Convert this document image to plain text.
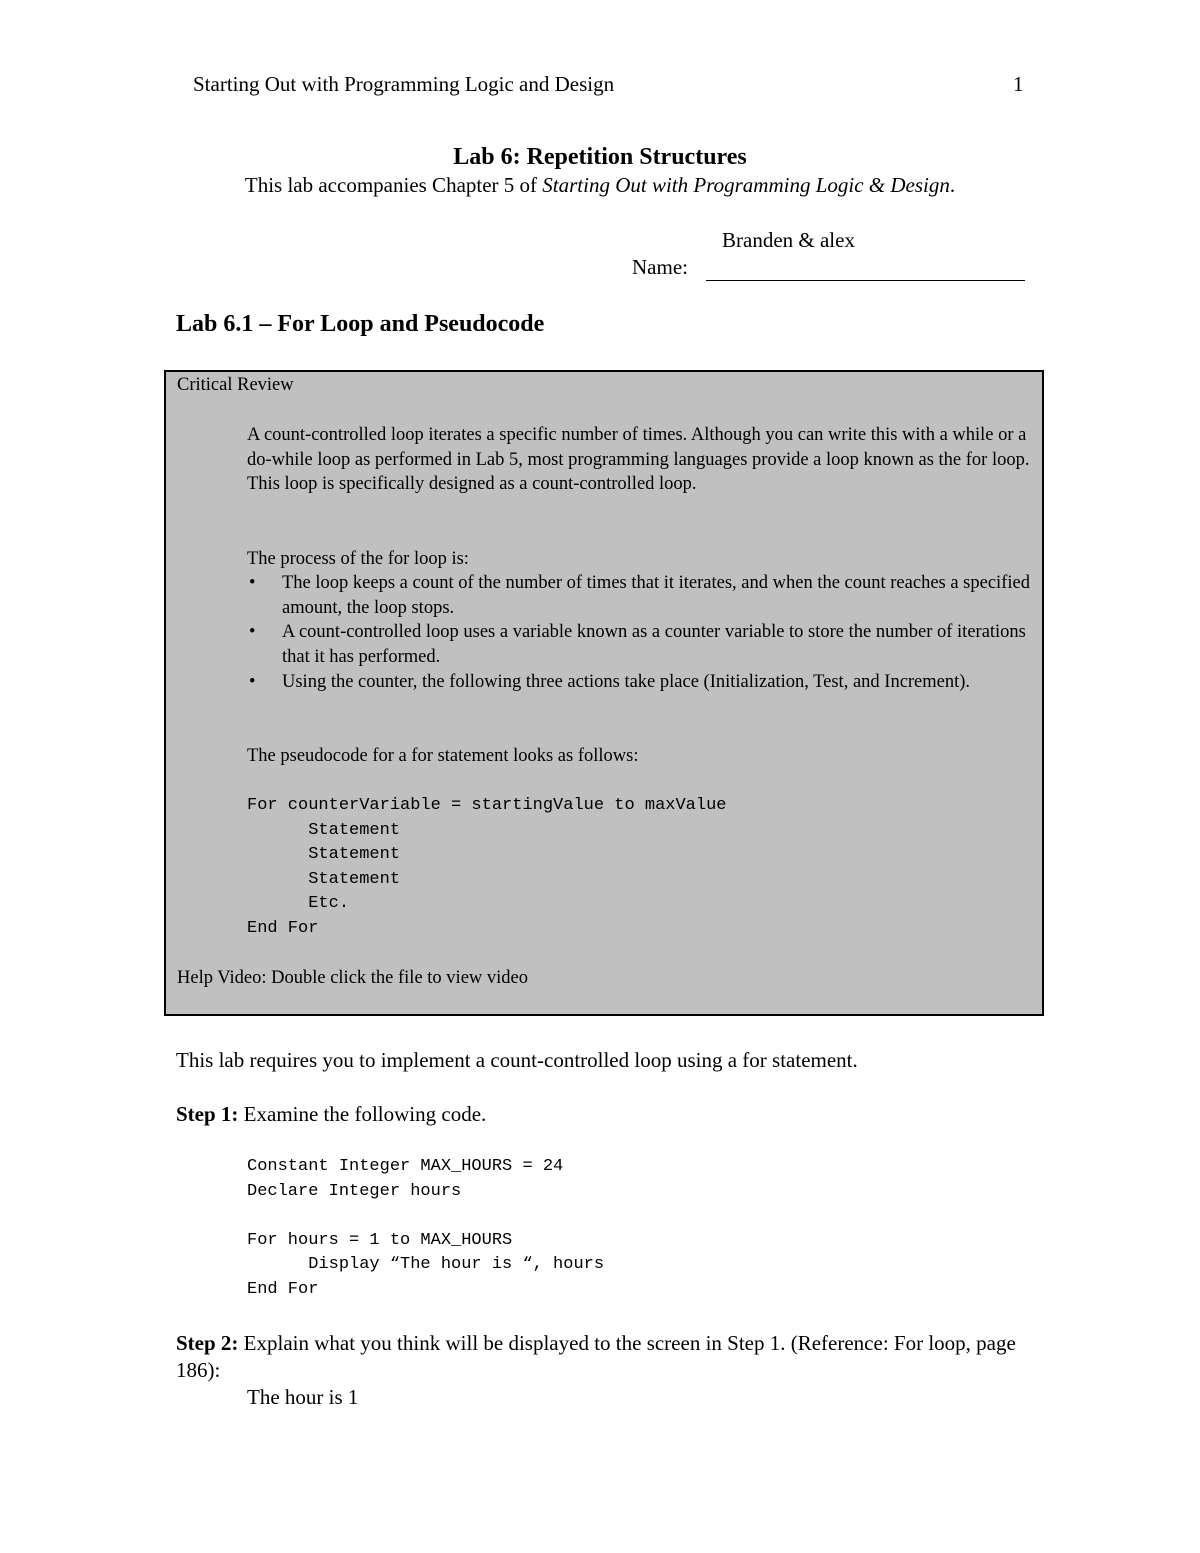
Starting Out with Programming Logic and Design	1
Lab 6: Repetition Structures
This lab accompanies Chapter 5 of Starting Out with Programming Logic & Design.
Branden & alex
Name:
Lab 6.1 – For Loop and Pseudocode
Critical Review
A count-controlled loop iterates a specific number of times. Although you can write this with a while or a do-while loop as performed in Lab 5, most programming languages provide a loop known as the for loop. This loop is specifically designed as a count-controlled loop.
The process of the for loop is:
• The loop keeps a count of the number of times that it iterates, and when the count reaches a specified amount, the loop stops.
• A count-controlled loop uses a variable known as a counter variable to store the number of iterations that it has performed.
• Using the counter, the following three actions take place (Initialization, Test, and Increment).
The pseudocode for a for statement looks as follows:
For counterVariable = startingValue to maxValue
Statement
Statement
Statement
Etc.
End For
Help Video: Double click the file to view video
This lab requires you to implement a count-controlled loop using a for statement.
Step 1: Examine the following code.
Constant Integer MAX_HOURS = 24
Declare Integer hours

For hours = 1 to MAX_HOURS
Display “The hour is “, hours
End For
Step 2: Explain what you think will be displayed to the screen in Step 1. (Reference: For loop, page 186):
The hour is 1
